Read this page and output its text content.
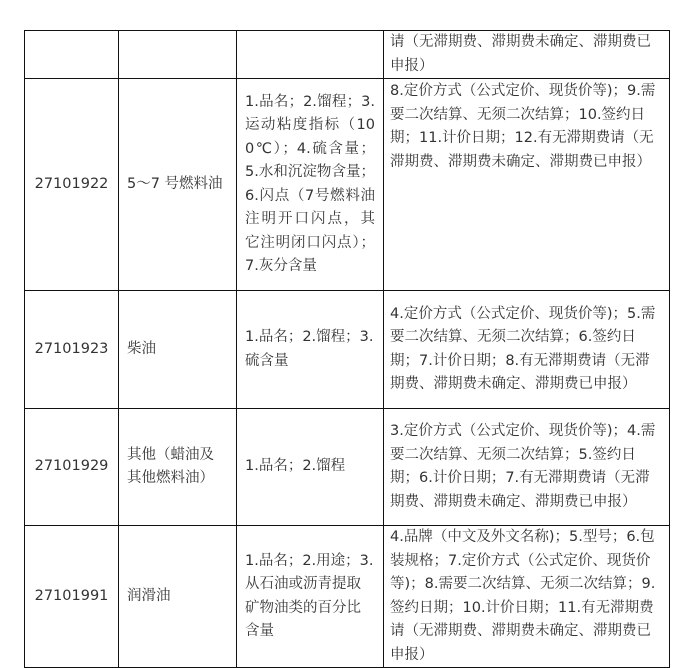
			请（无滞期费、滞期费未确定、滞期费已申报）
27101922	5～7 号燃料油	1.品名；2.馏程；3.运动粘度指标（100℃）；4.硫含量；5.水和沉淀物含量；6.闪点（7号燃料油注明开口闪点，其它注明闭口闪点）；7.灰分含量	8.定价方式（公式定价、现货价等)；9.需要二次结算、无须二次结算；10.签约日期；11.计价日期；12.有无滞期费请（无滞期费、滞期费未确定、滞期费已申报）
27101923	柴油	1.品名；2.馏程；3.硫含量	4.定价方式（公式定价、现货价等)；5.需要二次结算、无须二次结算；6.签约日期；7.计价日期；8.有无滞期费请（无滞期费、滞期费未确定、滞期费已申报）
27101929	其他（蜡油及其他燃料油）	1.品名；2.馏程	3.定价方式（公式定价、现货价等)；4.需要二次结算、无须二次结算；5.签约日期；6.计价日期；7.有无滞期费请（无滞期费、滞期费未确定、滞期费已申报）
27101991	润滑油	1.品名；2.用途；3.从石油或沥青提取矿物油类的百分比含量	4.品牌（中文及外文名称)；5.型号；6.包装规格；7.定价方式（公式定价、现货价等)；8.需要二次结算、无须二次结算；9.签约日期；10.计价日期；11.有无滞期费请（无滞期费、滞期费未确定、滞期费已申报）
